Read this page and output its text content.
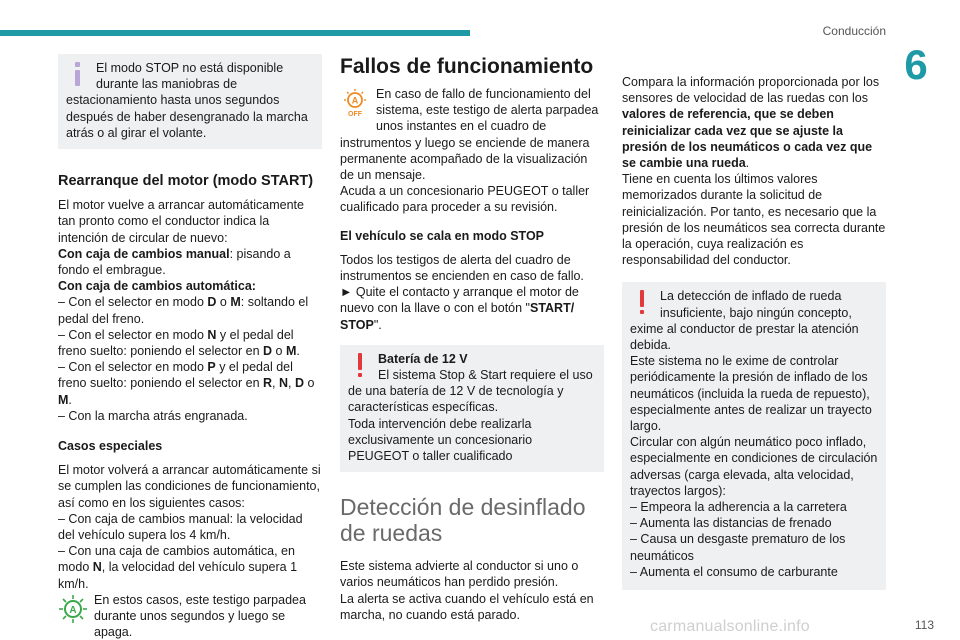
Conducción
6

El modo STOP no está disponible durante las maniobras de estacionamiento hasta unos segundos después de haber desengranado la marcha atrás o al girar el volante.

Rearranque del motor (modo START)

El motor vuelve a arrancar automáticamente tan pronto como el conductor indica la intención de circular de nuevo:

Con caja de cambios manual: pisando a fondo el embrague.

Con caja de cambios automática:

– Con el selector en modo D o M: soltando el pedal del freno.

– Con el selector en modo N y el pedal del freno suelto: poniendo el selector en D o M.

– Con el selector en modo P y el pedal del freno suelto: poniendo el selector en R, N, D o M.

– Con la marcha atrás engranada.

Casos especiales

El motor volverá a arrancar automáticamente si se cumplen las condiciones de funcionamiento, así como en los siguientes casos:

– Con caja de cambios manual: la velocidad del vehículo supera los 4 km/h.

– Con una caja de cambios automática, en modo N, la velocidad del vehículo supera 1 km/h.

A

En estos casos, este testigo parpadea durante unos segundos y luego se apaga.

Fallos de funcionamiento
A
OFF

En caso de fallo de funcionamiento del sistema, este testigo de alerta parpadea unos instantes en el cuadro de instrumentos y luego se enciende de manera permanente acompañado de la visualización de un mensaje.

Acuda a un concesionario PEUGEOT o taller cualificado para proceder a su revisión.

El vehículo se cala en modo STOP

Todos los testigos de alerta del cuadro de instrumentos se encienden en caso de fallo.

► Quite el contacto y arranque el motor de nuevo con la llave o con el botón "START/ STOP".

Batería de 12 V

El sistema Stop & Start requiere el uso de una batería de 12 V de tecnología y características específicas.

Toda intervención debe realizarla exclusivamente un concesionario PEUGEOT o taller cualificado

Detección de desinflado de ruedas

Este sistema advierte al conductor si uno o varios neumáticos han perdido presión.

La alerta se activa cuando el vehículo está en marcha, no cuando está parado.

Compara la información proporcionada por los sensores de velocidad de las ruedas con los valores de referencia, que se deben reinicializar cada vez que se ajuste la presión de los neumáticos o cada vez que se cambie una rueda.

Tiene en cuenta los últimos valores memorizados durante la solicitud de reinicialización. Por tanto, es necesario que la presión de los neumáticos sea correcta durante la operación, cuya realización es responsabilidad del conductor.

La detección de inflado de rueda insuficiente, bajo ningún concepto, exime al conductor de prestar la atención debida.

Este sistema no le exime de controlar periódicamente la presión de inflado de los neumáticos (incluida la rueda de repuesto), especialmente antes de realizar un trayecto largo.

Circular con algún neumático poco inflado, especialmente en condiciones de circulación adversas (carga elevada, alta velocidad, trayectos largos):

– Empeora la adherencia a la carretera

– Aumenta las distancias de frenado

– Causa un desgaste prematuro de los neumáticos

– Aumenta el consumo de carburante

carmanualsonline.info	113
